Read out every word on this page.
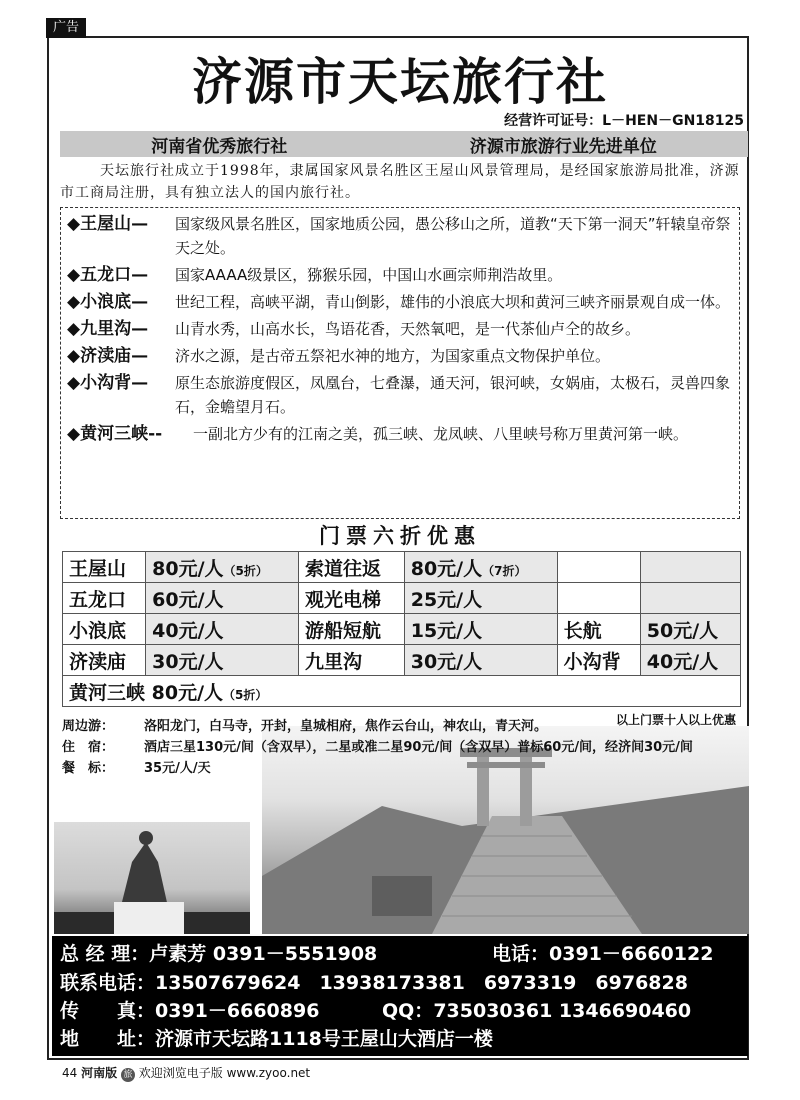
广告
济源市天坛旅行社
经营许可证号：L－HEN－GN18125
河南省优秀旅行社	济源市旅游行业先进单位
天坛旅行社成立于1998年，隶属国家风景名胜区王屋山风景管理局，是经国家旅游局批准，济源市工商局注册，具有独立法人的国内旅行社。
◆王屋山— 国家级风景名胜区，国家地质公园，愚公移山之所，道教“天下第一洞天”轩辕皇帝祭天之处。
◆五龙口— 国家AAAA级景区，猕猴乐园，中国山水画宗师荆浩故里。
◆小浪底— 世纪工程，高峡平湖，青山倒影，雄伟的小浪底大坝和黄河三峡齐丽景观自成一体。
◆九里沟— 山青水秀，山高水长，鸟语花香，天然氧吧，是一代茶仙卢仝的故乡。
◆济渎庙— 济水之源，是古帝五祭祀水神的地方，为国家重点文物保护单位。
◆小沟背— 原生态旅游度假区，凤凰台，七叠瀑，通天河，银河峡，女娲庙，太极石，灵兽四象石，金蟾望月石。
◆黄河三峡-- 一副北方少有的江南之美，孤三峡、龙凤峡、八里峡号称万里黄河第一峡。
门票六折优惠
王屋山	80元/人（5折）	索道往返	80元/人（7折）		
五龙口	60元/人	观光电梯	25元/人		
小浪底	40元/人	游船短航	15元/人	长航	50元/人
济渎庙	30元/人	九里沟	30元/人	小沟背	40元/人
黄河三峡 80元/人（5折）					
周边游： 洛阳龙门，白马寺，开封，皇城相府，焦作云台山，神农山，青天河。
住　宿： 酒店三星130元/间（含双早），二星或准二星90元/间（含双早）普标60元/间，经济间30元/间
餐　标： 35元/人/天
以上门票十人以上优惠
总 经 理：卢素芳 0391－5551908	电话：0391－6660122
联系电话：13507679624　13938173381　6973319　6976828
传　　真：0391－6660896	QQ：735030361 1346690460
地　　址：济源市天坛路1118号王屋山大酒店一楼
44 河南版 旅 欢迎浏览电子版 www.zyoo.net
